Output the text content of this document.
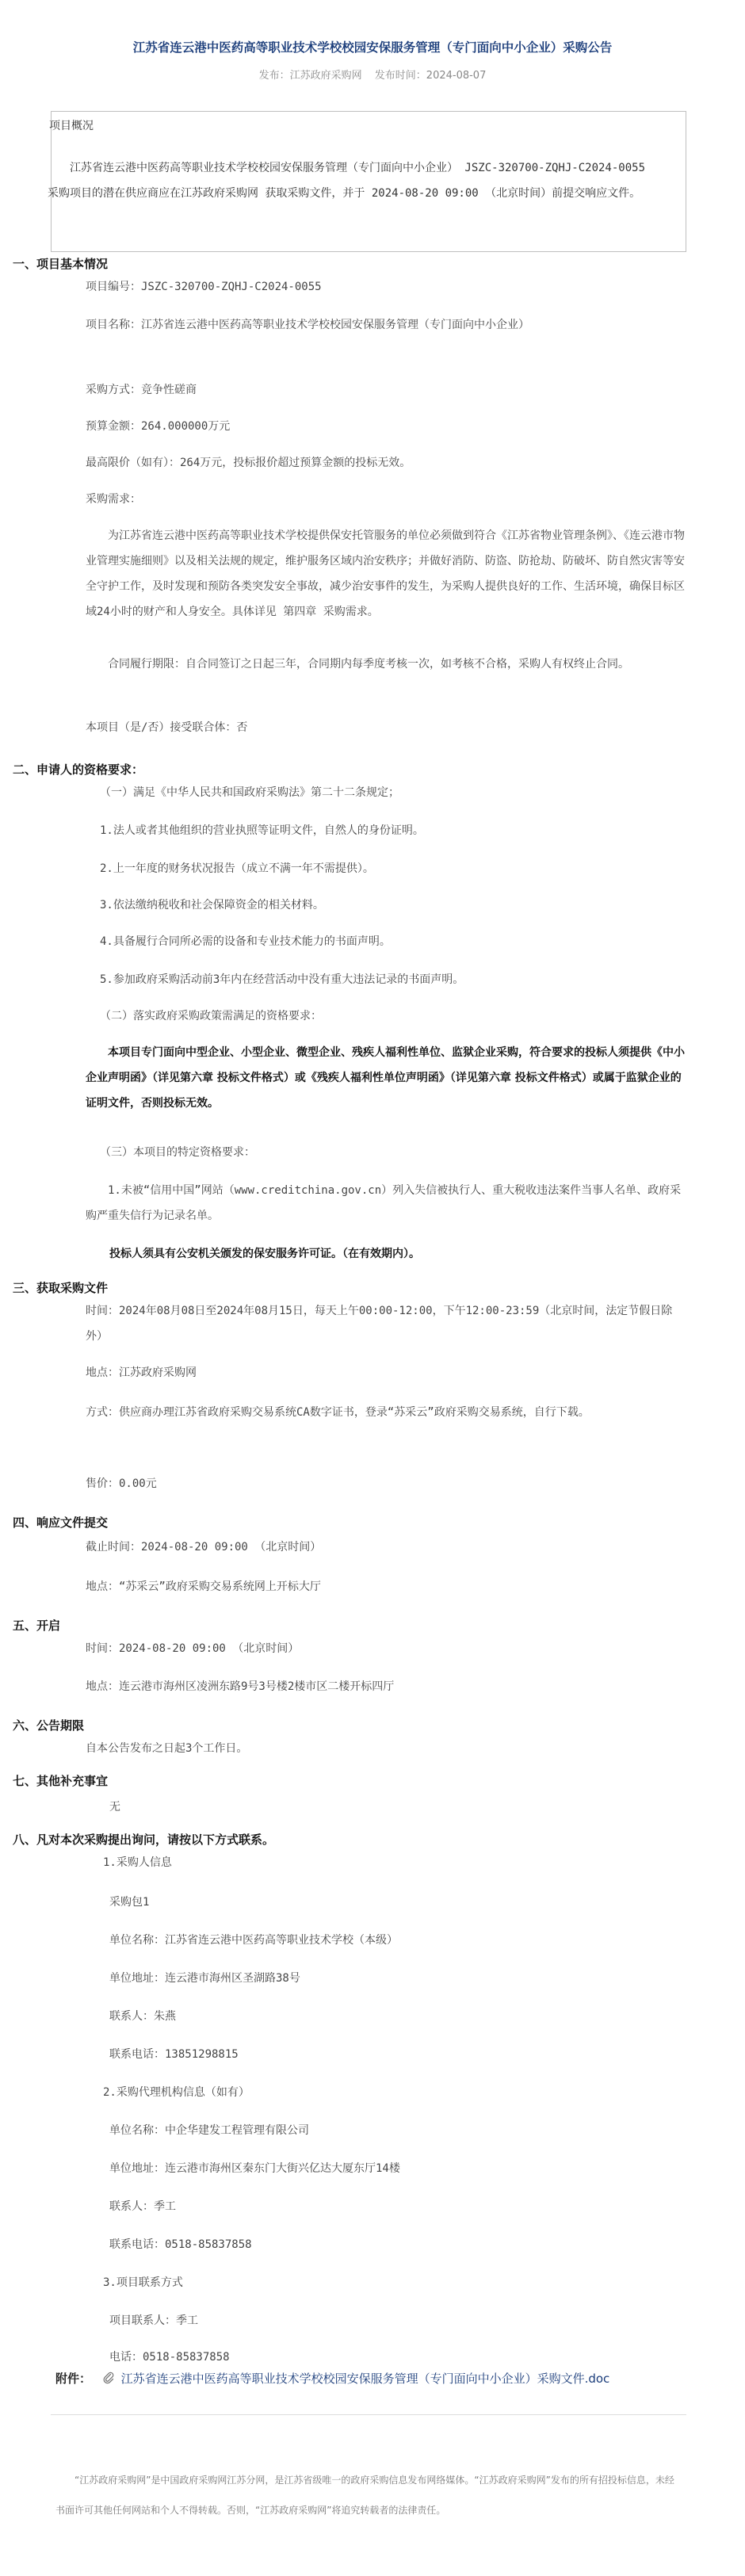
江苏省连云港中医药高等职业技术学校校园安保服务管理（专门面向中小企业）采购公告
发布：江苏政府采购网 发布时间：2024-08-07
项目概况
江苏省连云港中医药高等职业技术学校校园安保服务管理（专门面向中小企业） JSZC-320700-ZQHJ-C2024-0055 采购项目的潜在供应商应在江苏政府采购网 获取采购文件，并于 2024-08-20 09:00 （北京时间）前提交响应文件。
一、项目基本情况
项目编号：JSZC-320700-ZQHJ-C2024-0055
项目名称：江苏省连云港中医药高等职业技术学校校园安保服务管理（专门面向中小企业）
采购方式：竞争性磋商
预算金额：264.000000万元
最高限价（如有）：264万元，投标报价超过预算金额的投标无效。
采购需求：
为江苏省连云港中医药高等职业技术学校提供保安托管服务的单位必须做到符合《江苏省物业管理条例》、《连云港市物业管理实施细则》以及相关法规的规定，维护服务区域内治安秩序；并做好消防、防盗、防抢劫、防破坏、防自然灾害等安全守护工作，及时发现和预防各类突发安全事故，减少治安事件的发生，为采购人提供良好的工作、生活环境，确保目标区域24小时的财产和人身安全。具体详见 第四章 采购需求。
合同履行期限：自合同签订之日起三年，合同期内每季度考核一次，如考核不合格，采购人有权终止合同。
本项目（是/否）接受联合体：否
二、申请人的资格要求：
（一）满足《中华人民共和国政府采购法》第二十二条规定；
1.法人或者其他组织的营业执照等证明文件，自然人的身份证明。
2.上一年度的财务状况报告（成立不满一年不需提供）。
3.依法缴纳税收和社会保障资金的相关材料。
4.具备履行合同所必需的设备和专业技术能力的书面声明。
5.参加政府采购活动前3年内在经营活动中没有重大违法记录的书面声明。
（二）落实政府采购政策需满足的资格要求：
本项目专门面向中型企业、小型企业、微型企业、残疾人福利性单位、监狱企业采购，符合要求的投标人须提供《中小企业声明函》（详见第六章 投标文件格式）或《残疾人福利性单位声明函》（详见第六章 投标文件格式）或属于监狱企业的证明文件，否则投标无效。
（三）本项目的特定资格要求：
1.未被“信用中国”网站（www.creditchina.gov.cn）列入失信被执行人、重大税收违法案件当事人名单、政府采购严重失信行为记录名单。
投标人须具有公安机关颁发的保安服务许可证。（在有效期内）。
三、获取采购文件
时间：2024年08月08日至2024年08月15日，每天上午00:00-12:00，下午12:00-23:59（北京时间，法定节假日除外）
地点：江苏政府采购网
方式：供应商办理江苏省政府采购交易系统CA数字证书，登录“苏采云”政府采购交易系统，自行下载。
售价：0.00元
四、响应文件提交
截止时间：2024-08-20 09:00 （北京时间）
地点：“苏采云”政府采购交易系统网上开标大厅
五、开启
时间：2024-08-20 09:00 （北京时间）
地点：连云港市海州区凌洲东路9号3号楼2楼市区二楼开标四厅
六、公告期限
自本公告发布之日起3个工作日。
七、其他补充事宜
无
八、凡对本次采购提出询问，请按以下方式联系。
1.采购人信息
采购包1
单位名称：江苏省连云港中医药高等职业技术学校（本级）
单位地址：连云港市海州区圣湖路38号
联系人：朱燕
联系电话：13851298815
2.采购代理机构信息（如有）
单位名称：中企华建发工程管理有限公司
单位地址：连云港市海州区秦东门大街兴亿达大厦东厅14楼
联系人：季工
联系电话：0518-85837858
3.项目联系方式
项目联系人：季工
电话：0518-85837858
附件：	江苏省连云港中医药高等职业技术学校校园安保服务管理（专门面向中小企业）采购文件.doc
“江苏政府采购网”是中国政府采购网江苏分网，是江苏省级唯一的政府采购信息发布网络媒体。“江苏政府采购网”发布的所有招投标信息，未经书面许可其他任何网站和个人不得转载。否则，“江苏政府采购网”将追究转载者的法律责任。
